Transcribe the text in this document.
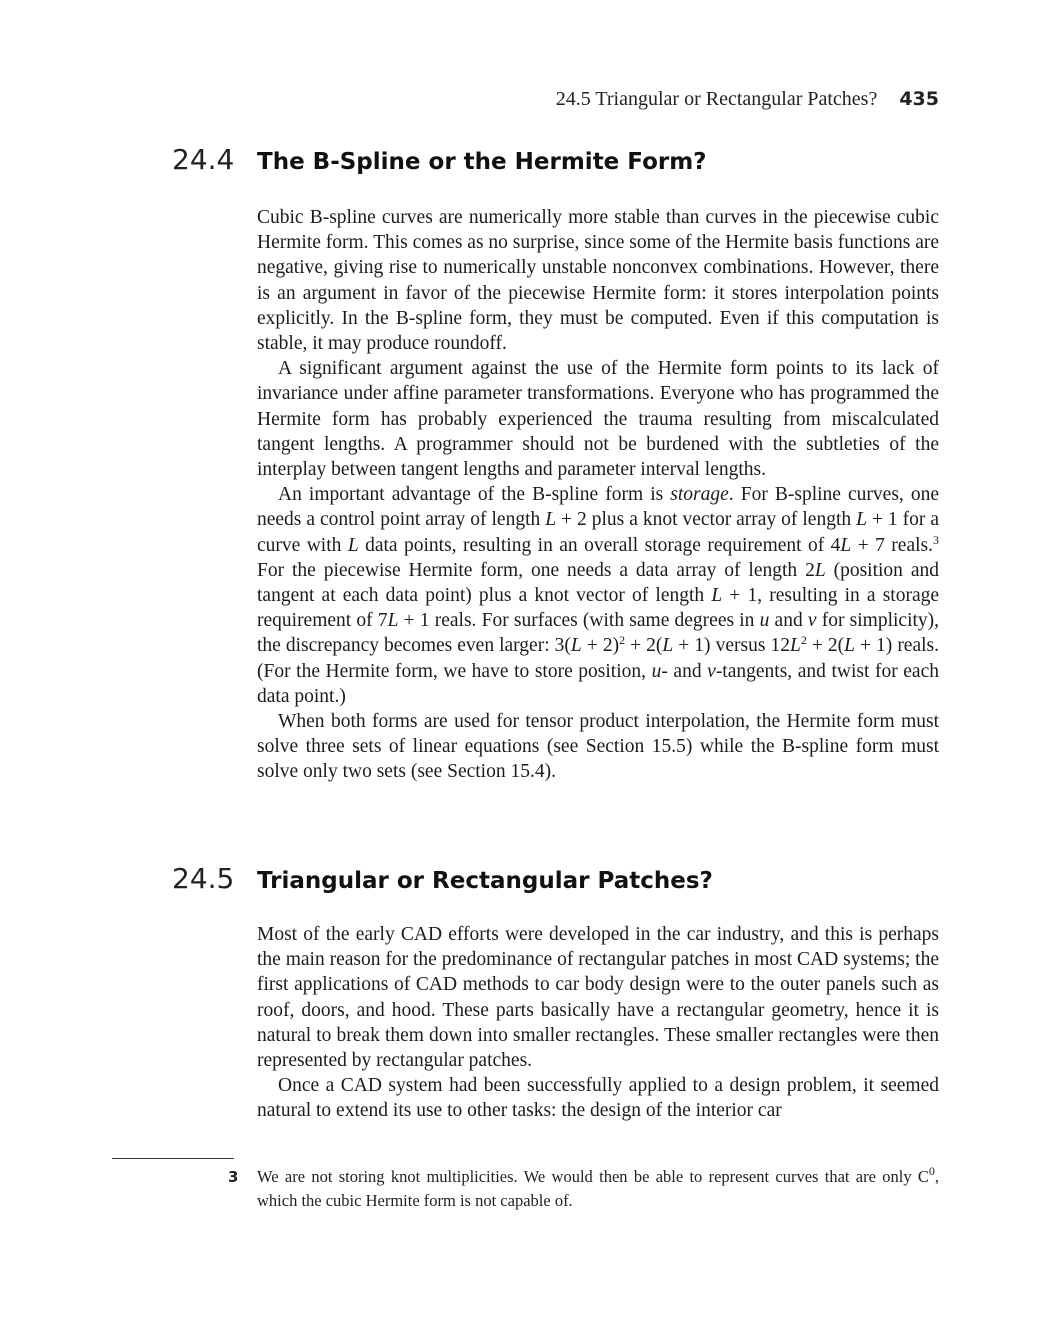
24.5 Triangular or Rectangular Patches? 435
24.4 The B-Spline or the Hermite Form?

Cubic B-spline curves are numerically more stable than curves in the piecewise cubic Hermite form. This comes as no surprise, since some of the Hermite basis functions are negative, giving rise to numerically unstable nonconvex combinations. However, there is an argument in favor of the piecewise Hermite form: it stores interpolation points explicitly. In the B-spline form, they must be computed. Even if this computation is stable, it may produce roundoff.

A significant argument against the use of the Hermite form points to its lack of invariance under affine parameter transformations. Everyone who has programmed the Hermite form has probably experienced the trauma resulting from miscalculated tangent lengths. A programmer should not be burdened with the subtleties of the interplay between tangent lengths and parameter interval lengths.

An important advantage of the B-spline form is storage. For B-spline curves, one needs a control point array of length L + 2 plus a knot vector array of length L + 1 for a curve with L data points, resulting in an overall storage requirement of 4L + 7 reals.$^3$ For the piecewise Hermite form, one needs a data array of length 2L (position and tangent at each data point) plus a knot vector of length L + 1, resulting in a storage requirement of 7L + 1 reals. For surfaces (with same degrees in u and v for simplicity), the discrepancy becomes even larger: $3(L + 2)^2 + 2(L + 1)$ versus $12L^2 + 2(L + 1)$ reals. (For the Hermite form, we have to store position, u- and v-tangents, and twist for each data point.)

When both forms are used for tensor product interpolation, the Hermite form must solve three sets of linear equations (see Section 15.5) while the B-spline form must solve only two sets (see Section 15.4).

24.5 Triangular or Rectangular Patches?

Most of the early CAD efforts were developed in the car industry, and this is perhaps the main reason for the predominance of rectangular patches in most CAD systems; the first applications of CAD methods to car body design were to the outer panels such as roof, doors, and hood. These parts basically have a rectangular geometry, hence it is natural to break them down into smaller rectangles. These smaller rectangles were then represented by rectangular patches.

Once a CAD system had been successfully applied to a design problem, it seemed natural to extend its use to other tasks: the design of the interior car

3 We are not storing knot multiplicities. We would then be able to represent curves that are only $C^0$, which the cubic Hermite form is not capable of.
